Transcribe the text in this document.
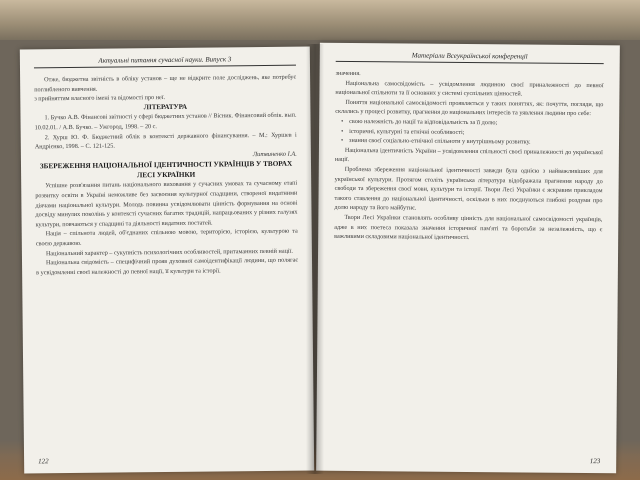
Актуальні питання сучасної науки. Випуск 3

Отже, бюджетна звітність в обліку установ – ще не відкрите поле досліджень, яке потребує поглибленого вивчення.

з прийняттям власного імені та відомості про неї.

ЛІТЕРАТУРА

1. Бучко А.В. Фінансові звітності у сфері бюджетних установ // Вісник. Фінансовий облік. вып. 10.02.01. / А.В. Бучко. – Ужгород, 1998. – 20 с.

2. Хурш Ю. Ф. Бюджетний облік в контексті державного фінансування. – М.: Хуршев і Андрієнко, 1998. – С. 121-125.

Литвиненко І.А.

ЗБЕРЕЖЕННЯ НАЦІОНАЛЬНОЇ ІДЕНТИЧНОСТІ УКРАЇНЦІВ У ТВОРАХ ЛЕСІ УКРАЇНКИ

Успішне розв'язання питань національного виховання у сучасних умовах та сучасному етапі розвитку освіти в Україні неможливе без засвоєння культурної спадщини, створеної видатними діячами національної культури. Молодь повинна усвідомлювати цінність формування на основі досвіду минулих поколінь у контексті сучасних багатих традицій, напрацьованих у різних галузях культури, повчаються у спадщині та діяльності видатних постатей.

Нація – спільнота людей, об'єднаних спільною мовою, територією, історією, культурою та своєю державою.

Національний характер – сукупність психологічних особливостей, притаманних певній нації.

Національна свідомість – специфічний прояв духовної самоідентифікації людини, що полягає в усвідомленні своєї належності до певної нації, її культури та історії.

122
Матеріали Всеукраїнської конференції

значення.

Національна самосвідомість – усвідомлення людиною своєї приналежності до певної національної спільноти та її основних у системі суспільних цінностей.

Поняття національної самосвідомості проявляється у таких поняттях, як: почуття, погляди, що склались у процесі розвитку, прагнення до національних інтересів та уявлення людини про себе:

• свою належність до нації та відповідальність за її долю;

• історичні, культурні та етнічні особливості;

• знання своєї соціально-етнічної спільноти у внутрішньому розвитку.

Національна ідентичність України – усвідомлення спільності своєї приналежності до української нації.

Проблема збереження національної ідентичності завжди була однією з найважливіших для української культури. Протягом століть українська література відображала прагнення народу до свободи та збереження своєї мови, культури та історії. Твори Лесі Українки є яскравим прикладом такого ставлення до національної ідентичності, оскільки в них поєднуються глибокі роздуми про долю народу та його майбутнє.

Твори Лесі Українки становлять особливу цінність для національної самосвідомості українців, адже в них поетеса показала значення історичної пам'яті та боротьби за незалежність, що є важливими складовими національної ідентичності.

123
